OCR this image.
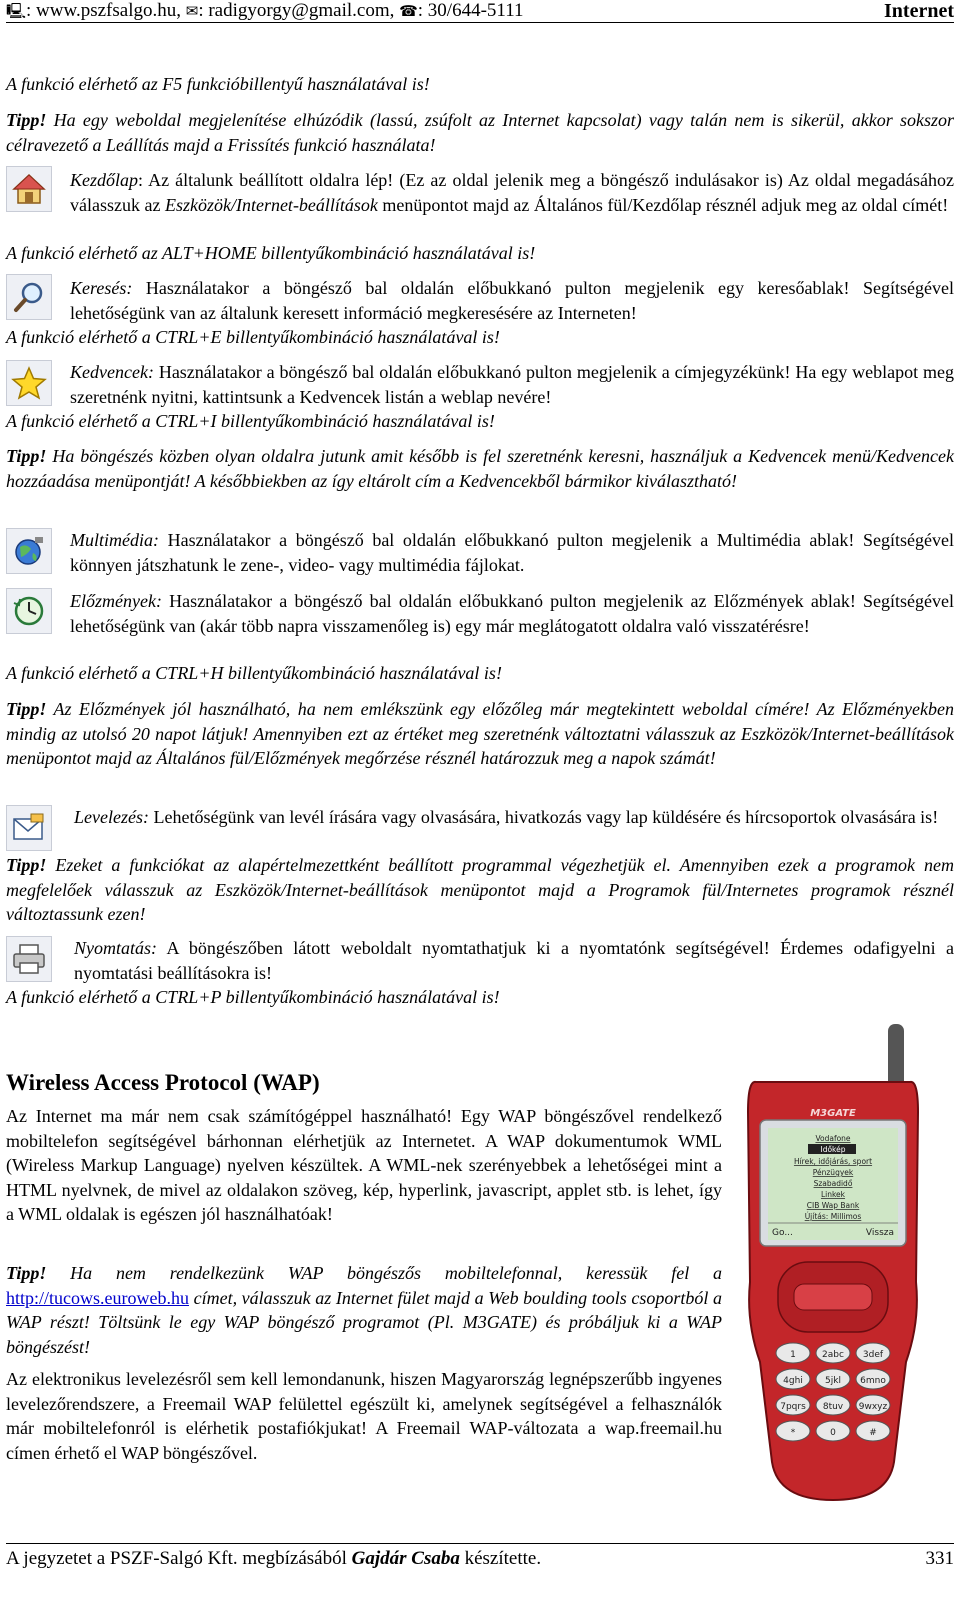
🖳: www.pszfsalgo.hu, ✉: radigyorgy@gmail.com, ☎: 30/644-5111	Internet
A funkció elérhető az F5 funkcióbillentyű használatával is!
Tipp! Ha egy weboldal megjelenítése elhúzódik (lassú, zsúfolt az Internet kapcsolat) vagy talán nem is sikerül, akkor sokszor célravezető a Leállítás majd a Frissítés funkció használata!
Kezdőlap: Az általunk beállított oldalra lép! (Ez az oldal jelenik meg a böngésző indulásakor is) Az oldal megadásához válasszuk az Eszközök/Internet-beállítások menüpontot majd az Általános fül/Kezdőlap résznél adjuk meg az oldal címét!
A funkció elérhető az ALT+HOME billentyűkombináció használatával is!
Keresés: Használatakor a böngésző bal oldalán előbukkanó pulton megjelenik egy keresőablak! Segítségével lehetőségünk van az általunk keresett információ megkeresésére az Interneten!
A funkció elérhető a CTRL+E billentyűkombináció használatával is!
Kedvencek: Használatakor a böngésző bal oldalán előbukkanó pulton megjelenik a címjegyzékünk! Ha egy weblapot meg szeretnénk nyitni, kattintsunk a Kedvencek listán a weblap nevére!
A funkció elérhető a CTRL+I billentyűkombináció használatával is!
Tipp! Ha böngészés közben olyan oldalra jutunk amit később is fel szeretnénk keresni, használjuk a Kedvencek menü/Kedvencek hozzáadása menüpontját! A későbbiekben az így eltárolt cím a Kedvencekből bármikor kiválasztható!
Multimédia: Használatakor a böngésző bal oldalán előbukkanó pulton megjelenik a Multimédia ablak! Segítségével könnyen játszhatunk le zene-, video- vagy multimédia fájlokat.
Előzmények: Használatakor a böngésző bal oldalán előbukkanó pulton megjelenik az Előzmények ablak! Segítségével lehetőségünk van (akár több napra visszamenőleg is) egy már meglátogatott oldalra való visszatérésre!
A funkció elérhető a CTRL+H billentyűkombináció használatával is!
Tipp! Az Előzmények jól használható, ha nem emlékszünk egy előzőleg már megtekintett weboldal címére! Az Előzményekben mindig az utolsó 20 napot látjuk! Amennyiben ezt az értéket meg szeretnénk változtatni válasszuk az Eszközök/Internet-beállítások menüpontot majd az Általános fül/Előzmények megőrzése résznél határozzuk meg a napok számát!
Levelezés: Lehetőségünk van levél írására vagy olvasására, hivatkozás vagy lap küldésére és hírcsoportok olvasására is!
Tipp! Ezeket a funkciókat az alapértelmezettként beállított programmal végezhetjük el. Amennyiben ezek a programok nem megfelelőek válasszuk az Eszközök/Internet-beállítások menüpontot majd a Programok fül/Internetes programok résznél változtassunk ezen!
Nyomtatás: A böngészőben látott weboldalt nyomtathatjuk ki a nyomtatónk segítségével! Érdemes odafigyelni a nyomtatási beállításokra is!
A funkció elérhető a CTRL+P billentyűkombináció használatával is!
Wireless Access Protocol (WAP)
Az Internet ma már nem csak számítógéppel használható! Egy WAP böngészővel rendelkező mobiltelefon segítségével bárhonnan elérhetjük az Internetet. A WAP dokumentumok WML (Wireless Markup Language) nyelven készültek. A WML-nek szerényebbek a lehetőségei mint a HTML nyelvnek, de mivel az oldalakon szöveg, kép, hyperlink, javascript, applet stb. is lehet, így a WML oldalak is egészen jól használhatóak!
Tipp! Ha nem rendelkezünk WAP böngészős mobiltelefonnal, keressük fel a http://tucows.euroweb.hu címet, válasszuk az Internet fület majd a Web boulding tools csoportból a WAP részt! Töltsünk le egy WAP böngésző programot (Pl. M3GATE) és próbáljuk ki a WAP böngészést!
Az elektronikus levelezésről sem kell lemondanunk, hiszen Magyarország legnépszerűbb ingyenes levelezőrendszere, a Freemail WAP felülettel egészült ki, amelynek segítségével a felhasználók már mobiltelefonról is elérhetik postafiókjukat! A Freemail WAP-változata a wap.freemail.hu címen érhető el WAP böngészővel.
M3GATE
Vodafone
Időkép
Hírek, időjárás, sport
Pénzügyek
Szabadidő
Linkek
CIB Wap Bank
Újítás: Millimos
Go...	Vissza
1	2abc 3def
4ghi 5jkl 6mno
7pqrs 8tuv 9wxyz
*	0	#
A jegyzetet a PSZF-Salgó Kft. megbízásából Gajdár Csaba készítette.	331
